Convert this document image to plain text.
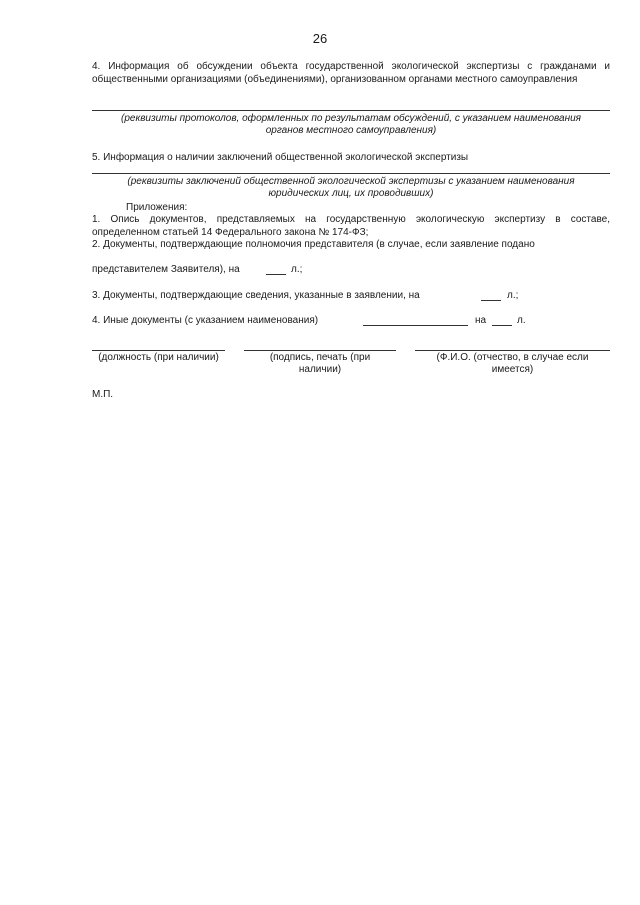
26
4. Информация об обсуждении объекта государственной экологической экспертизы с гражданами и общественными организациями (объединениями), организованном органами местного самоуправления
(реквизиты протоколов, оформленных по результатам обсуждений, с указанием наименования
органов местного самоуправления)
5. Информация о наличии заключений общественной экологической экспертизы
(реквизиты заключений общественной экологической экспертизы с указанием наименования
юридических лиц, их проводивших)
Приложения:
1. Опись документов, представляемых на государственную экологическую экспертизу в составе, определенном статьей 14 Федерального закона № 174-ФЗ;
2. Документы, подтверждающие полномочия представителя (в случае, если заявление подано
представителем Заявителя), на	л.;
3. Документы, подтверждающие сведения, указанные в заявлении, на	л.;
4. Иные документы (с указанием наименования)	на	л.
(должность (при наличии)	(подпись, печать (при
наличии)
(Ф.И.О. (отчество, в случае если
имеется)
М.П.
